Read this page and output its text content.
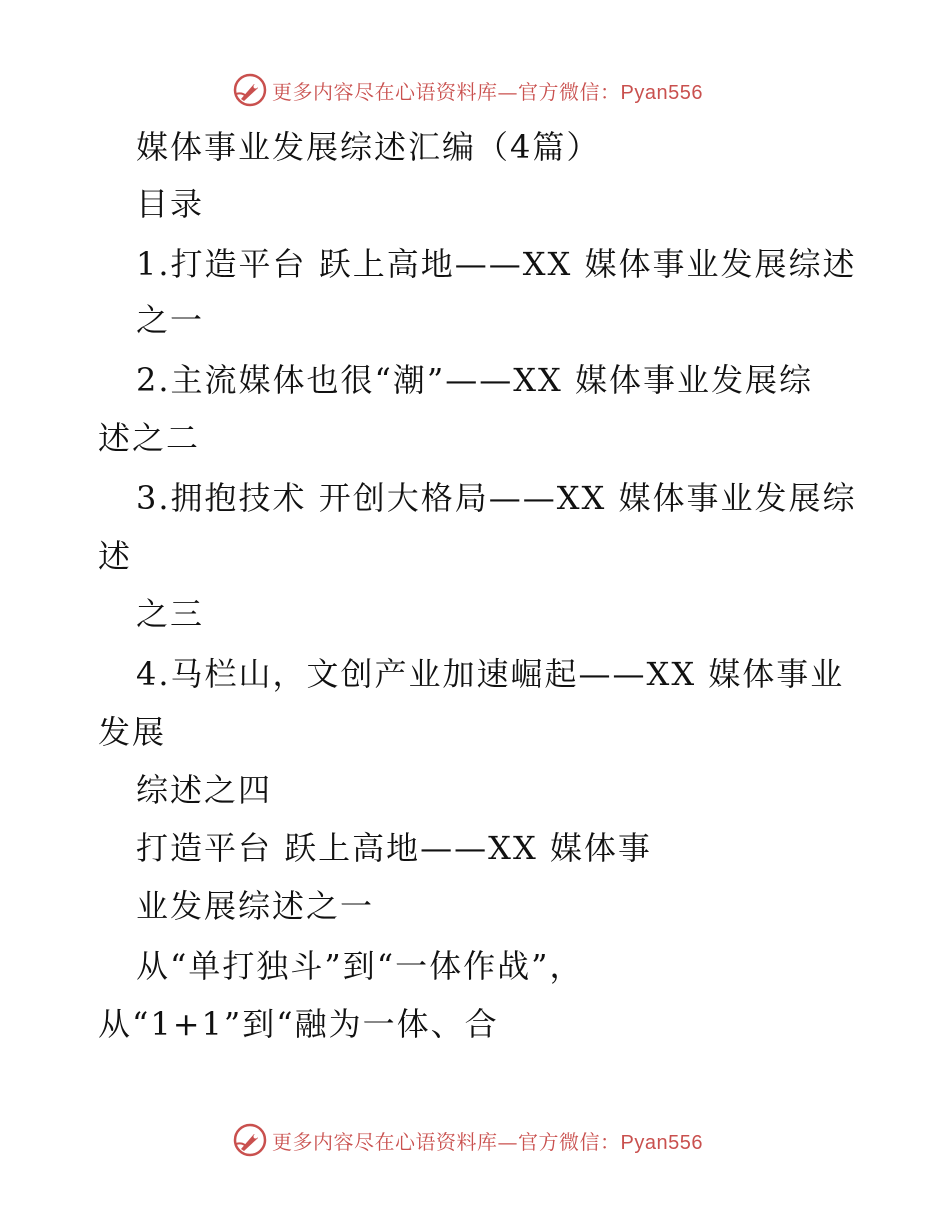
更多内容尽在心语资料库—官方微信：Pyan556
媒体事业发展综述汇编（4篇）
目录
1.打造平台 跃上高地——XX 媒体事业发展综述
之一
2.主流媒体也很“潮”——XX 媒体事业发展综
述之二
3.拥抱技术 开创大格局——XX 媒体事业发展综
述
之三
4.马栏山，文创产业加速崛起——XX 媒体事业
发展
综述之四
打造平台 跃上高地——XX 媒体事
业发展综述之一
从“单打独斗”到“一体作战”，
从“1+1”到“融为一体、合
更多内容尽在心语资料库—官方微信：Pyan556
